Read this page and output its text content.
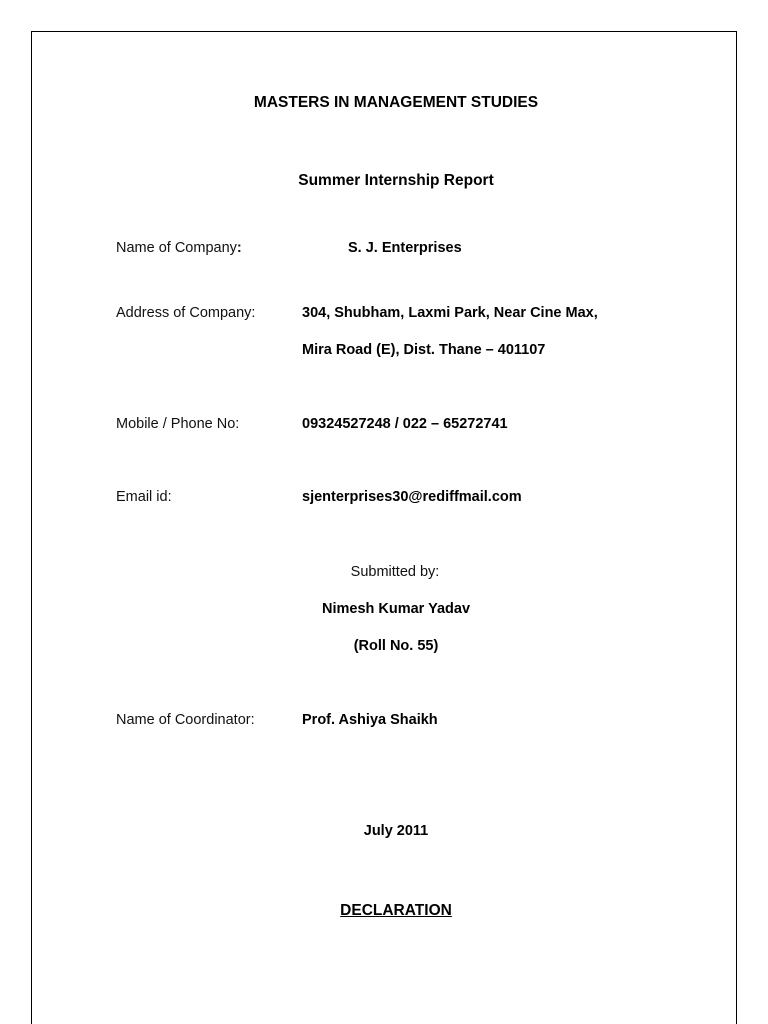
MASTERS IN MANAGEMENT STUDIES
Summer Internship Report
Name of Company:	S. J. Enterprises
Address of Company:	304, Shubham, Laxmi Park, Near Cine Max,
Mira Road (E), Dist. Thane – 401107
Mobile / Phone No:	09324527248 / 022 – 65272741
Email id:	sjenterprises30@rediffmail.com
Submitted by:
Nimesh Kumar Yadav
(Roll No. 55)
Name of Coordinator:	Prof. Ashiya Shaikh
July 2011
DECLARATION
